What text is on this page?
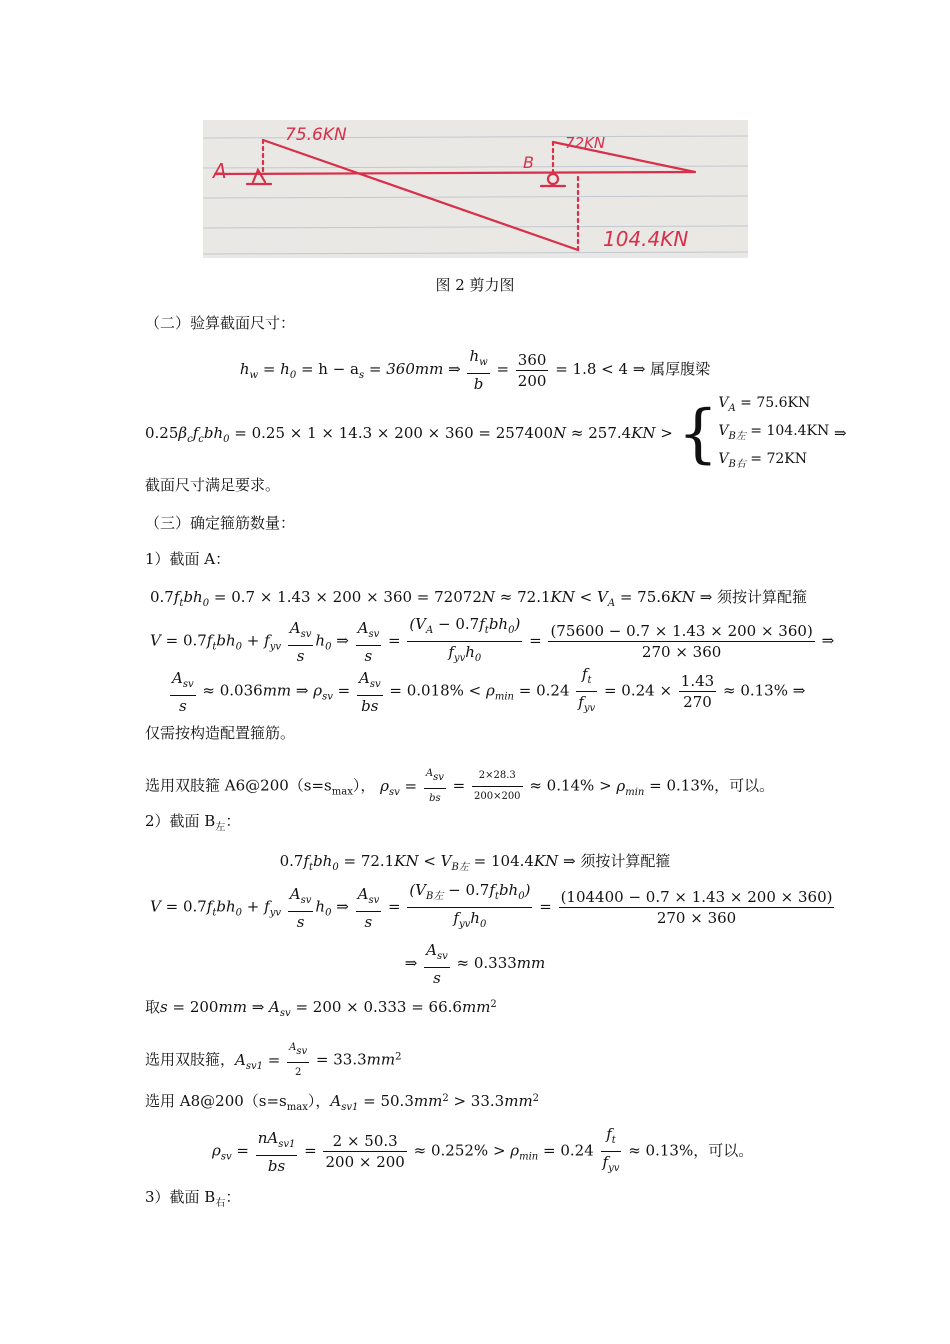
75.6KN	72KN
104.4KN
A	B
图 2 剪力图
（二）验算截面尺寸：
$h_w = h_0 = h - a_s = 360mm$ ⇒ $\frac{h_w}{b} = \frac{360}{200} = 1.8 < 4$ ⇒ 属厚腹梁
$0.25\beta_cf_cbh_0 = 0.25 \times 1 \times 14.3 \times 200 \times 360 = 257400N \approx 257.4KN$ > { $V_A = 75.6KN$
$V_{B左} = 104.4KN$
$V_{B右} = 72KN$
⇒
截面尺寸满足要求。
（三）确定箍筋数量：
1）截面 A：
$0.7f_tbh_0 = 0.7 \times 1.43 \times 200 \times 360 = 72072N \approx 72.1KN < V_A = 75.6KN$ ⇒ 须按计算配箍
$V = 0.7f_tbh_0 + f_{yv} \frac{A_{sv}}{s} h_0$ ⇒ $\frac{A_{sv}}{s} = \frac{(V_A - 0.7f_tbh_0)}{f_{yv}h_0} = \frac{(75600 - 0.7 \times 1.43 \times 200 \times 360)}{270 \times 360}$ ⇒
$\frac{A_{sv}}{s} \approx 0.036mm$ ⇒ $\rho_{sv} = \frac{A_{sv}}{bs} = 0.018\% < \rho_{min} = 0.24 \frac{f_t}{f_{yv}} = 0.24 \times \frac{1.43}{270} \approx 0.13\%$ ⇒
仅需按构造配置箍筋。
选用双肢箍 $A6@200(s=s_{max})$， $\rho_{sv} = \frac{\text{Asv}}{bs} = \frac{2\times 28.3}{200\times 200} \approx 0.14\% > \rho_{min} = 0.13\%$，可以。
2）截面 $B_左$：
$0.7f_tbh_0 = 72.1KN < V_{B左} = 104.4KN$ ⇒ 须按计算配箍
$V = 0.7f_tbh_0 + f_{yv} \frac{A_{sv}}{s} h_0$ ⇒ $\frac{A_{sv}}{s} = \frac{(V_{B左} - 0.7f_tbh_0)}{f_{yv}h_0} = \frac{(104400 - 0.7 \times 1.43 \times 200 \times 360)}{270 \times 360}$
⇒ $\frac{A_{sv}}{s} \approx 0.333mm$
取s = 200mm ⇒ $A_{sv} = 200 \times 0.333 = 66.6mm^2$
选用双肢箍，$A_{sv1} = \frac{\text{Asv}}{2} = 33.3mm^2$
选用 $A8@200(s=s_{max})$，$A_{sv1} = 50.3mm^2 > 33.3mm^2$
$\rho_{sv} = \frac{nA_{sv1}}{bs} = \frac{2 \times 50.3}{200 \times 200} \approx 0.252\% > \rho_{min} = 0.24 \frac{f_t}{f_{yv}} \approx 0.13\%$，可以。
3）截面 $B_右$：
